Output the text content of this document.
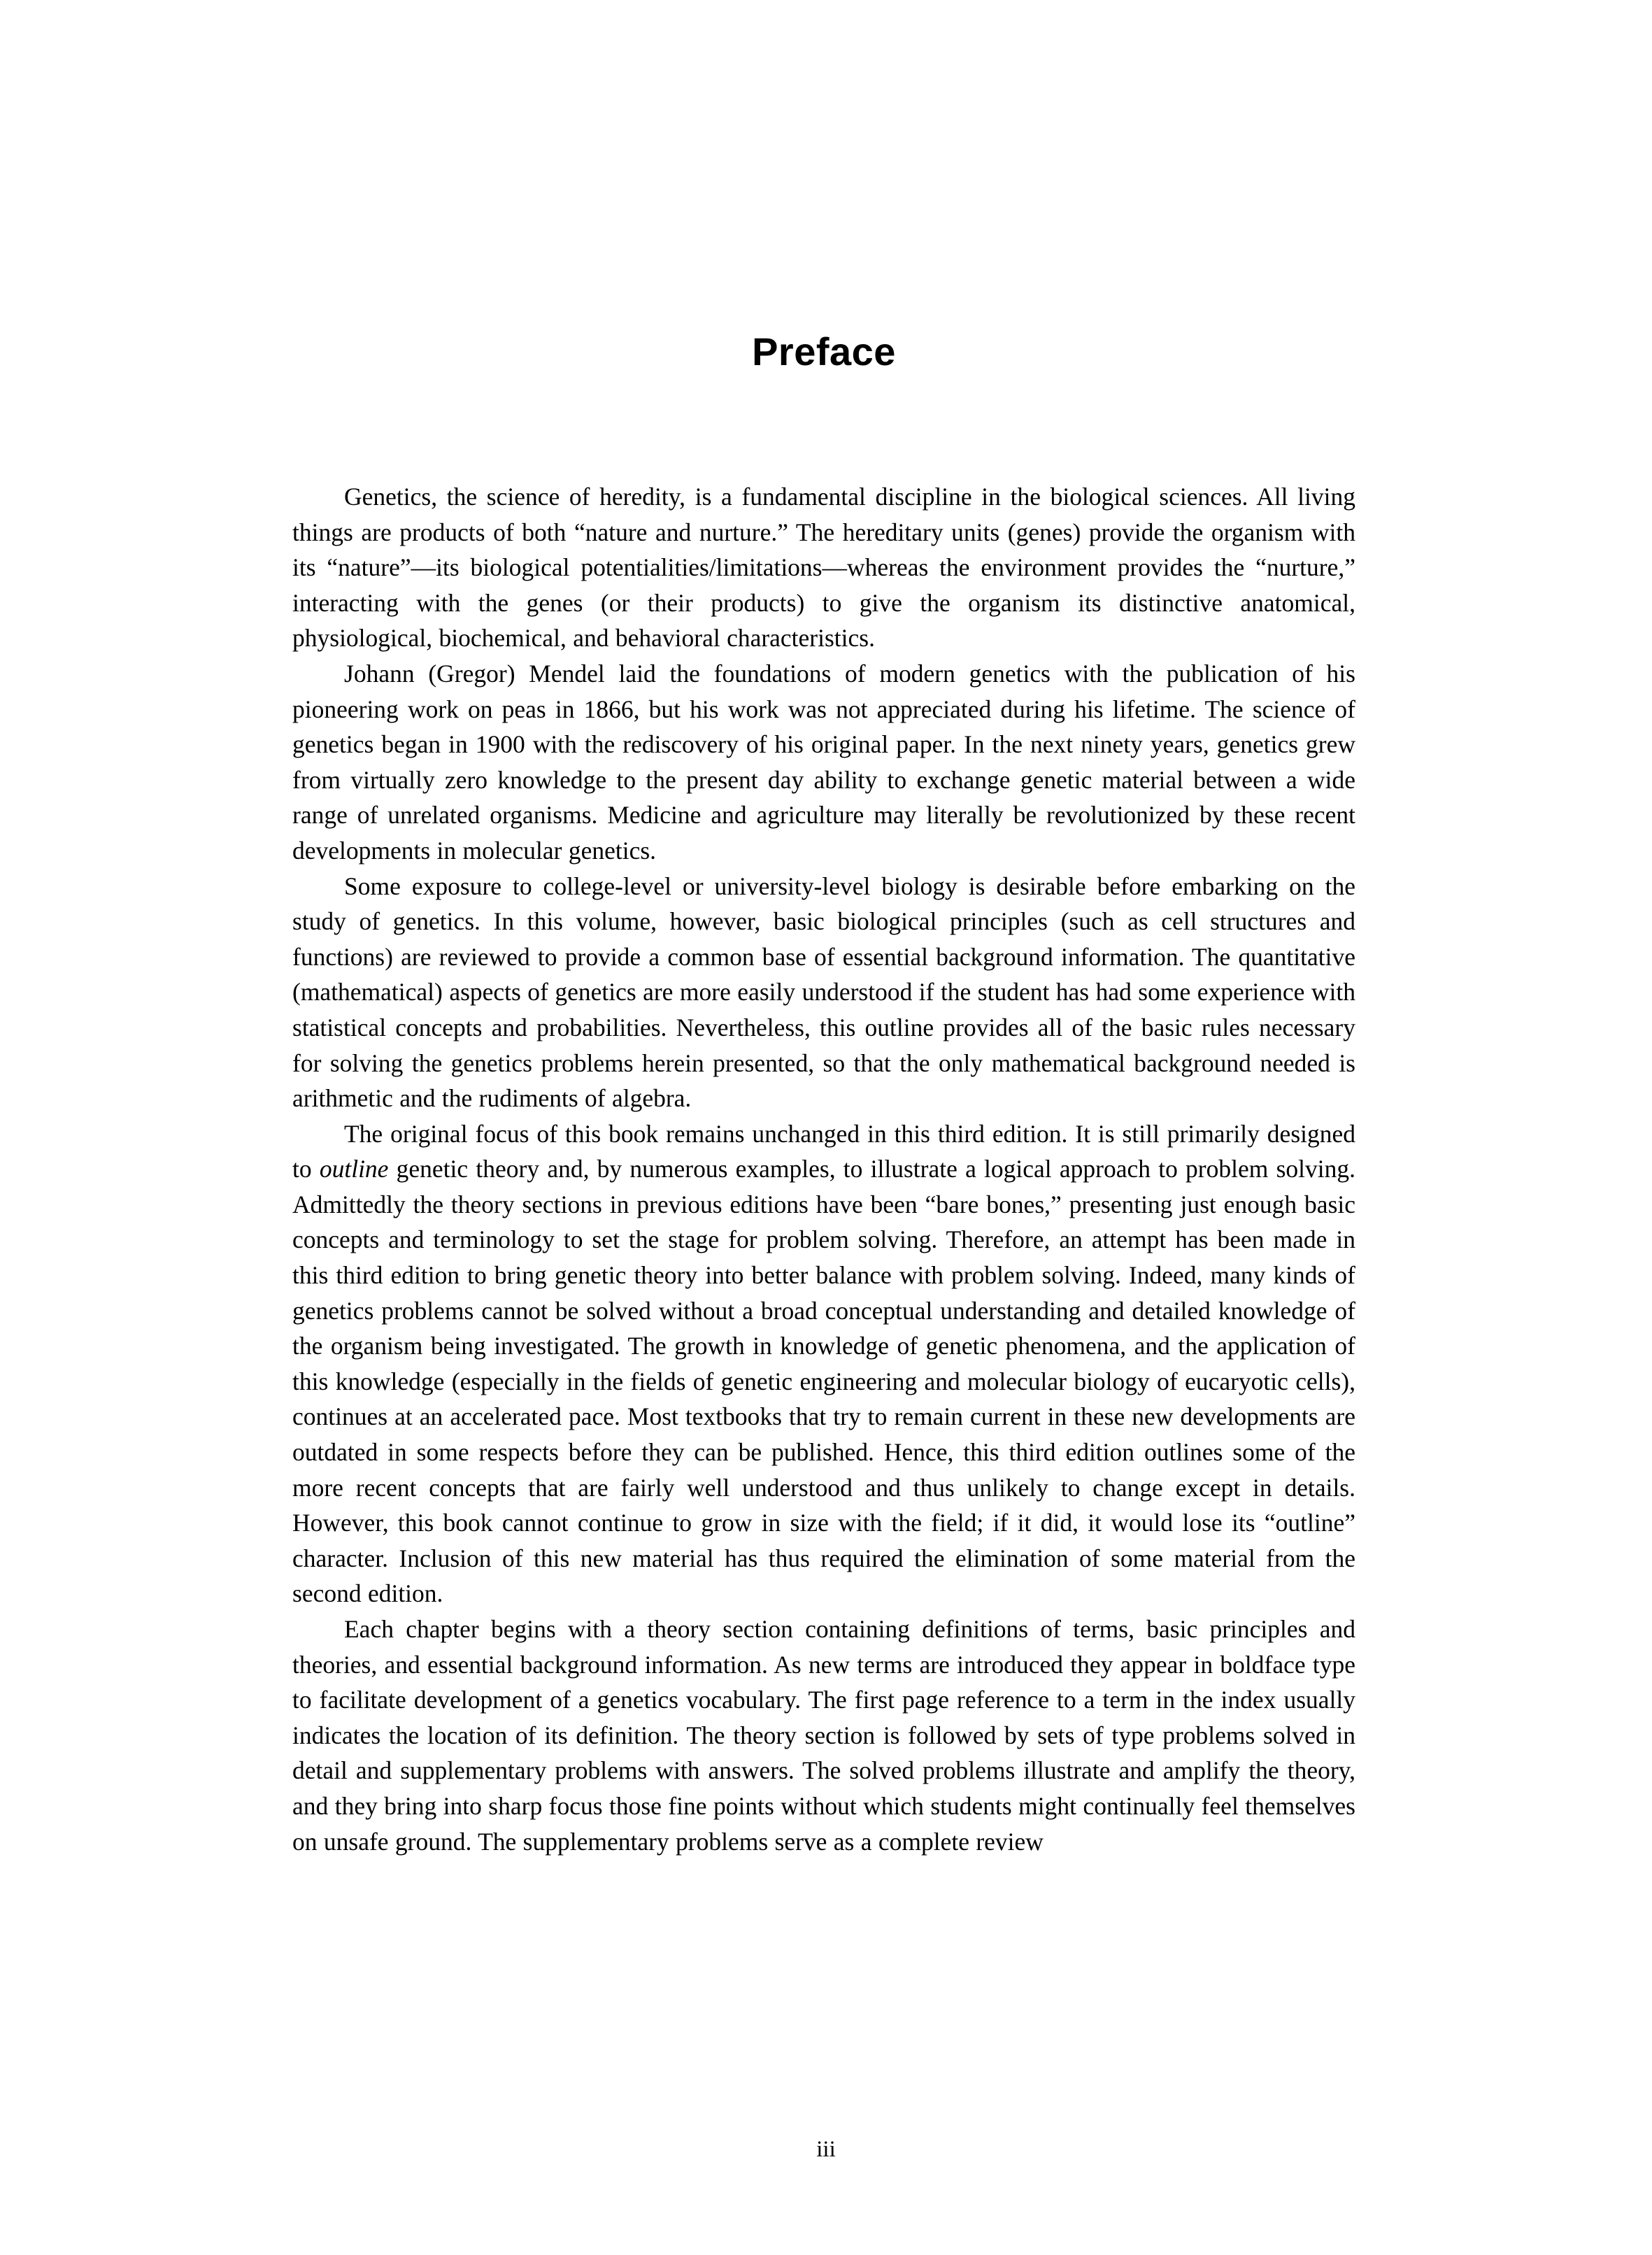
Preface

Genetics, the science of heredity, is a fundamental discipline in the biological sciences. All living things are products of both “nature and nurture.” The hereditary units (genes) provide the organism with its “nature”—its biological potentialities/limitations—whereas the environment provides the “nurture,” interacting with the genes (or their products) to give the organism its distinctive anatomical, physiological, biochemical, and behavioral characteristics.

Johann (Gregor) Mendel laid the foundations of modern genetics with the publication of his pioneering work on peas in 1866, but his work was not appreciated during his lifetime. The science of genetics began in 1900 with the rediscovery of his original paper. In the next ninety years, genetics grew from virtually zero knowledge to the present day ability to exchange genetic material between a wide range of unrelated organisms. Medicine and agriculture may literally be revolutionized by these recent developments in molecular genetics.

Some exposure to college-level or university-level biology is desirable before embarking on the study of genetics. In this volume, however, basic biological principles (such as cell structures and functions) are reviewed to provide a common base of essential background information. The quantitative (mathematical) aspects of genetics are more easily understood if the student has had some experience with statistical concepts and probabilities. Nevertheless, this outline provides all of the basic rules necessary for solving the genetics problems herein presented, so that the only mathematical background needed is arithmetic and the rudiments of algebra.

The original focus of this book remains unchanged in this third edition. It is still primarily designed to outline genetic theory and, by numerous examples, to illustrate a logical approach to problem solving. Admittedly the theory sections in previous editions have been “bare bones,” presenting just enough basic concepts and terminology to set the stage for problem solving. Therefore, an attempt has been made in this third edition to bring genetic theory into better balance with problem solving. Indeed, many kinds of genetics problems cannot be solved without a broad conceptual understanding and detailed knowledge of the organism being investigated. The growth in knowledge of genetic phenomena, and the application of this knowledge (especially in the fields of genetic engineering and molecular biology of eucaryotic cells), continues at an accelerated pace. Most textbooks that try to remain current in these new developments are outdated in some respects before they can be published. Hence, this third edition outlines some of the more recent concepts that are fairly well understood and thus unlikely to change except in details. However, this book cannot continue to grow in size with the field; if it did, it would lose its “outline” character. Inclusion of this new material has thus required the elimination of some material from the second edition.

Each chapter begins with a theory section containing definitions of terms, basic principles and theories, and essential background information. As new terms are introduced they appear in boldface type to facilitate development of a genetics vocabulary. The first page reference to a term in the index usually indicates the location of its definition. The theory section is followed by sets of type problems solved in detail and supplementary problems with answers. The solved problems illustrate and amplify the theory, and they bring into sharp focus those fine points without which students might continually feel themselves on unsafe ground. The supplementary problems serve as a complete review

iii
